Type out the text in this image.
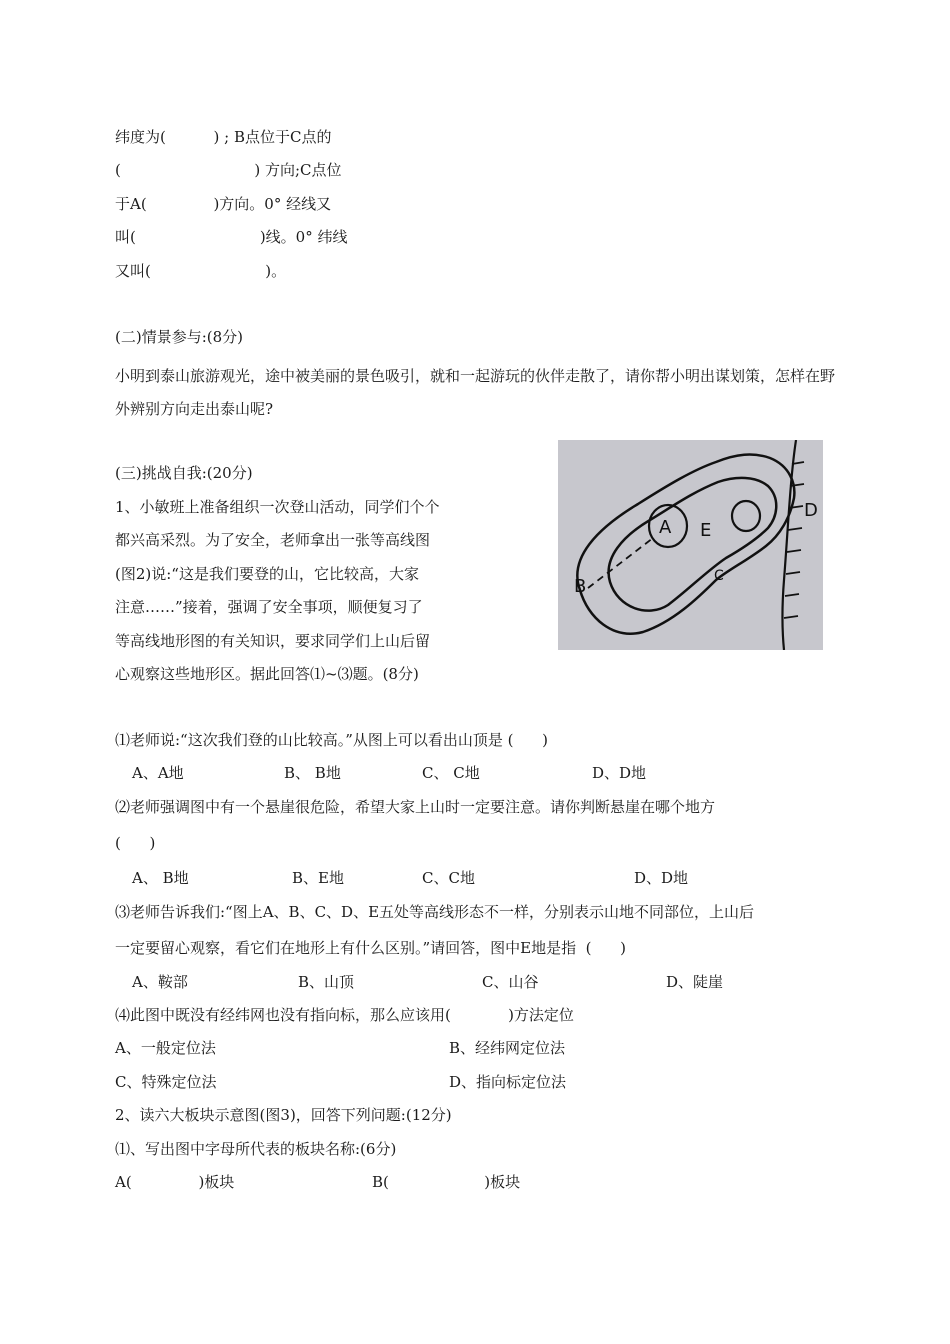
纬度为(          ) ; B点位于C点的
(                            ) 方向;C点位
于A(              )方向。0° 经线又
叫(                          )线。0° 纬线
又叫(                        )。
(二)情景参与:(8分)
小明到泰山旅游观光，途中被美丽的景色吸引，就和一起游玩的伙伴走散了，请你帮小明出谋划策，怎样在野外辨别方向走出泰山呢?
(三)挑战自我:(20分)
1、小敏班上准备组织一次登山活动，同学们个个
都兴高采烈。为了安全，老师拿出一张等高线图
(图2)说:“这是我们要登的山，它比较高，大家
注意……”接着，强调了安全事项，顺便复习了
等高线地形图的有关知识，要求同学们上山后留
心观察这些地形区。据此回答⑴~⑶题。(8分)
A E
D
B	C
⑴老师说:“这次我们登的山比较高。”从图上可以看出山顶是 (      )
A、A地	B、 B地	C、 C地	D、D地
⑵老师强调图中有一个悬崖很危险，希望大家上山时一定要注意。请你判断悬崖在哪个地方
(      )
A、 B地	B、E地	C、C地	D、D地
⑶老师告诉我们:“图上A、B、C、D、E五处等高线形态不一样，分别表示山地不同部位，上山后
一定要留心观察，看它们在地形上有什么区别。”请回答，图中E地是指  (      )
A、鞍部	B、山顶	C、山谷	D、陡崖
⑷此图中既没有经纬网也没有指向标，那么应该用(            )方法定位
A、一般定位法	B、经纬网定位法
C、特殊定位法	D、指向标定位法
2、读六大板块示意图(图3)，回答下列问题:(12分)
⑴、写出图中字母所代表的板块名称:(6分)
A(              )板块	B(                    )板块
